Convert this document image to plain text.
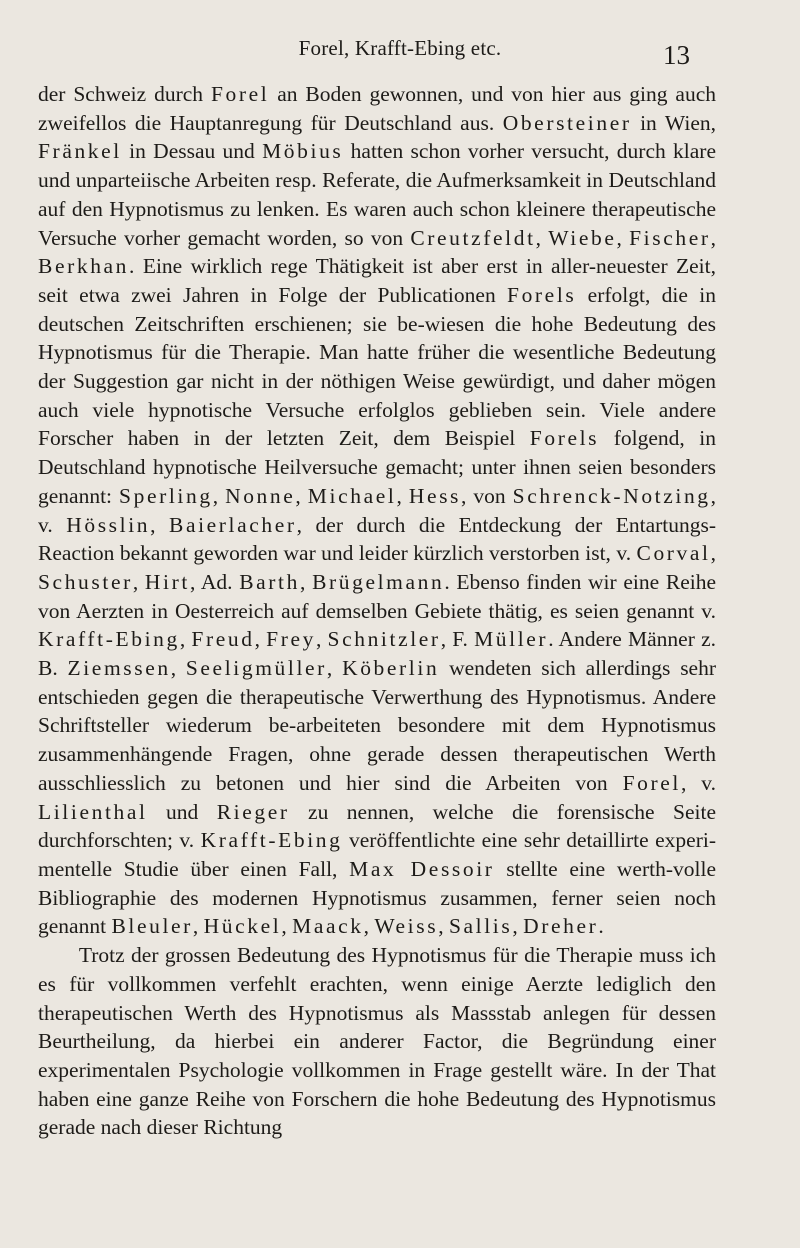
Forel, Krafft-Ebing etc.	13

der Schweiz durch Forel an Boden gewonnen, und von hier aus ging auch zweifellos die Hauptanregung für Deutschland aus. Obersteiner in Wien, Fränkel in Dessau und Möbius hatten schon vorher versucht, durch klare und unparteiische Arbeiten resp. Referate, die Aufmerksamkeit in Deutschland auf den Hypnotismus zu lenken. Es waren auch schon kleinere therapeutische Versuche vorher gemacht worden, so von Creutzfeldt, Wiebe, Fischer, Berkhan. Eine wirklich rege Thätigkeit ist aber erst in aller-neuester Zeit, seit etwa zwei Jahren in Folge der Publicationen Forels erfolgt, die in deutschen Zeitschriften erschienen; sie be-wiesen die hohe Bedeutung des Hypnotismus für die Therapie. Man hatte früher die wesentliche Bedeutung der Suggestion gar nicht in der nöthigen Weise gewürdigt, und daher mögen auch viele hypnotische Versuche erfolglos geblieben sein. Viele andere Forscher haben in der letzten Zeit, dem Beispiel Forels folgend, in Deutschland hypnotische Heilversuche gemacht; unter ihnen seien besonders genannt: Sperling, Nonne, Michael, Hess, von Schrenck-Notzing, v. Hösslin, Baierlacher, der durch die Entdeckung der Entartungs-Reaction bekannt geworden war und leider kürzlich verstorben ist, v. Corval, Schuster, Hirt, Ad. Barth, Brügelmann. Ebenso finden wir eine Reihe von Aerzten in Oesterreich auf demselben Gebiete thätig, es seien genannt v. Krafft-Ebing, Freud, Frey, Schnitzler, F. Müller. Andere Männer z. B. Ziemssen, Seeligmüller, Köberlin wendeten sich allerdings sehr entschieden gegen die therapeutische Verwerthung des Hypnotismus. Andere Schriftsteller wiederum be-arbeiteten besondere mit dem Hypnotismus zusammenhängende Fragen, ohne gerade dessen therapeutischen Werth ausschliesslich zu betonen und hier sind die Arbeiten von Forel, v. Lilienthal und Rieger zu nennen, welche die forensische Seite durchforschten; v. Krafft-Ebing veröffentlichte eine sehr detaillirte experi-mentelle Studie über einen Fall, Max Dessoir stellte eine werth-volle Bibliographie des modernen Hypnotismus zusammen, ferner seien noch genannt Bleuler, Hückel, Maack, Weiss, Sallis, Dreher.

Trotz der grossen Bedeutung des Hypnotismus für die Therapie muss ich es für vollkommen verfehlt erachten, wenn einige Aerzte lediglich den therapeutischen Werth des Hypnotismus als Massstab anlegen für dessen Beurtheilung, da hierbei ein anderer Factor, die Begründung einer experimentalen Psychologie vollkommen in Frage gestellt wäre. In der That haben eine ganze Reihe von Forschern die hohe Bedeutung des Hypnotismus gerade nach dieser Richtung
